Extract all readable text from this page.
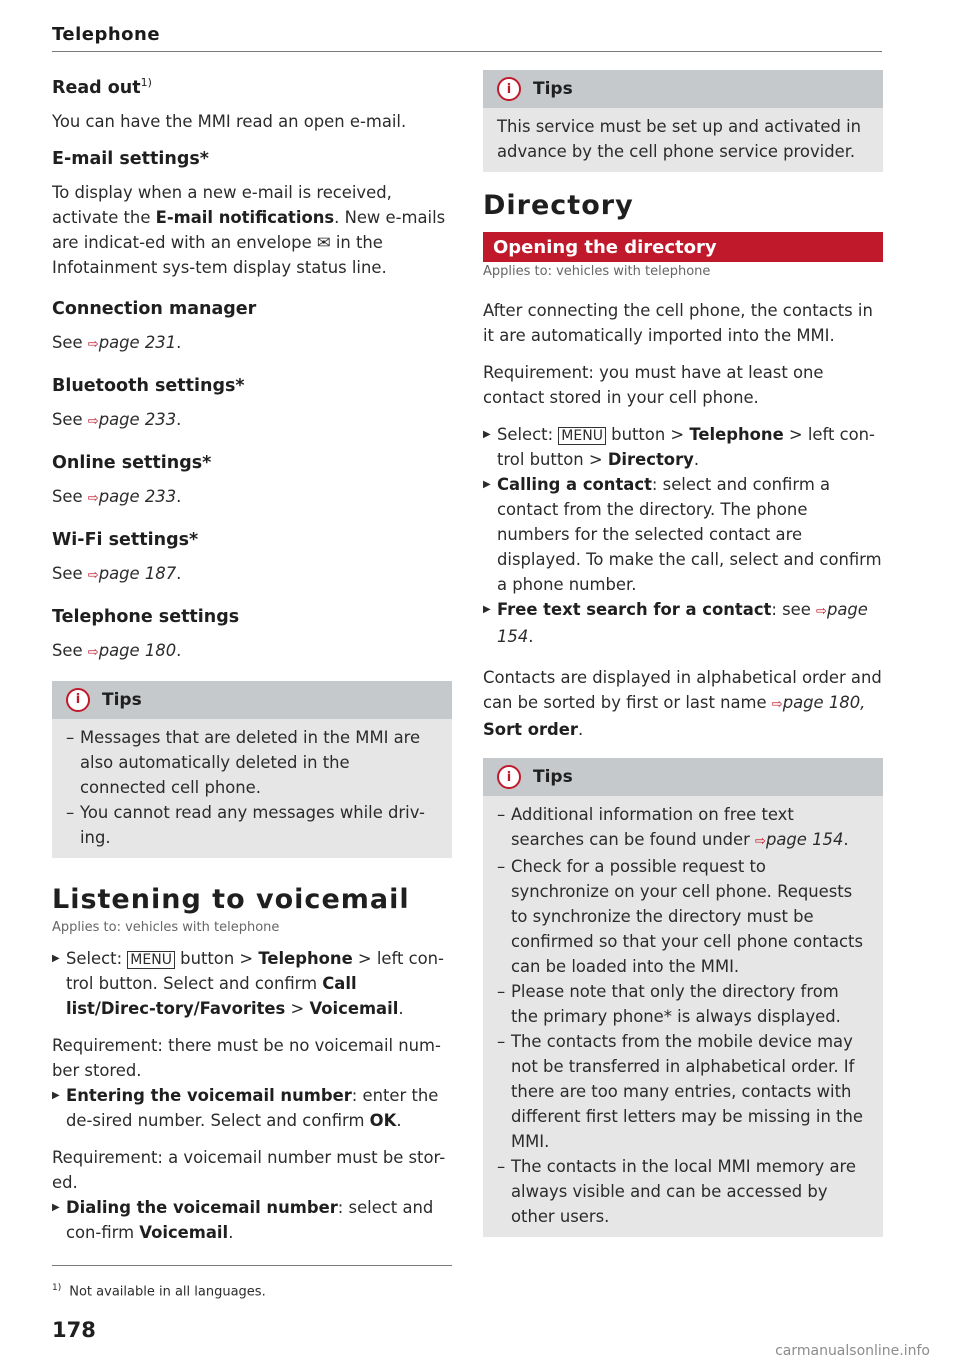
Telephone
Read out$^{1)}$

You can have the MMI read an open e-mail.

E-mail settings*

To display when a new e-mail is received, activate the E-mail notifications. New e-mails are indicat-ed with an envelope ✉ in the Infotainment sys-tem display status line.

Connection manager

See ⇨page 231.

Bluetooth settings*

See ⇨page 233.

Online settings*

See ⇨page 233.

Wi-Fi settings*

See ⇨page 187.

Telephone settings

See ⇨page 180.

i	Tips

– Messages that are deleted in the MMI are also automatically deleted in the connected cell phone.

– You cannot read any messages while driv-ing.

Listening to voicemail
Applies to: vehicles with telephone

▶ Select: MENU button > Telephone > left con-trol button. Select and confirm Call list/Direc-tory/Favorites > Voicemail.

Requirement: there must be no voicemail num-ber stored.

▶ Entering the voicemail number: enter the de-sired number. Select and confirm OK.

Requirement: a voicemail number must be stor-ed.

▶ Dialing the voicemail number: select and con-firm Voicemail.

$^{1)}$ Not available in all languages.
178
i	Tips

This service must be set up and activated in advance by the cell phone service provider.

Directory
Opening the directory
Applies to: vehicles with telephone

After connecting the cell phone, the contacts in it are automatically imported into the MMI.

Requirement: you must have at least one contact stored in your cell phone.

▶ Select: MENU button > Telephone > left con-trol button > Directory.

▶ Calling a contact: select and confirm a contact from the directory. The phone numbers for the selected contact are displayed. To make the call, select and confirm a phone number.

▶ Free text search for a contact: see ⇨page 154.

Contacts are displayed in alphabetical order and can be sorted by first or last name ⇨page 180, Sort order.

i	Tips

– Additional information on free text searches can be found under ⇨page 154.

– Check for a possible request to synchronize on your cell phone. Requests to synchronize the directory must be confirmed so that your cell phone contacts can be loaded into the MMI.

– Please note that only the directory from the primary phone* is always displayed.

– The contacts from the mobile device may not be transferred in alphabetical order. If there are too many entries, contacts with different first letters may be missing in the MMI.

– The contacts in the local MMI memory are always visible and can be accessed by other users.

carmanualsonline.info
